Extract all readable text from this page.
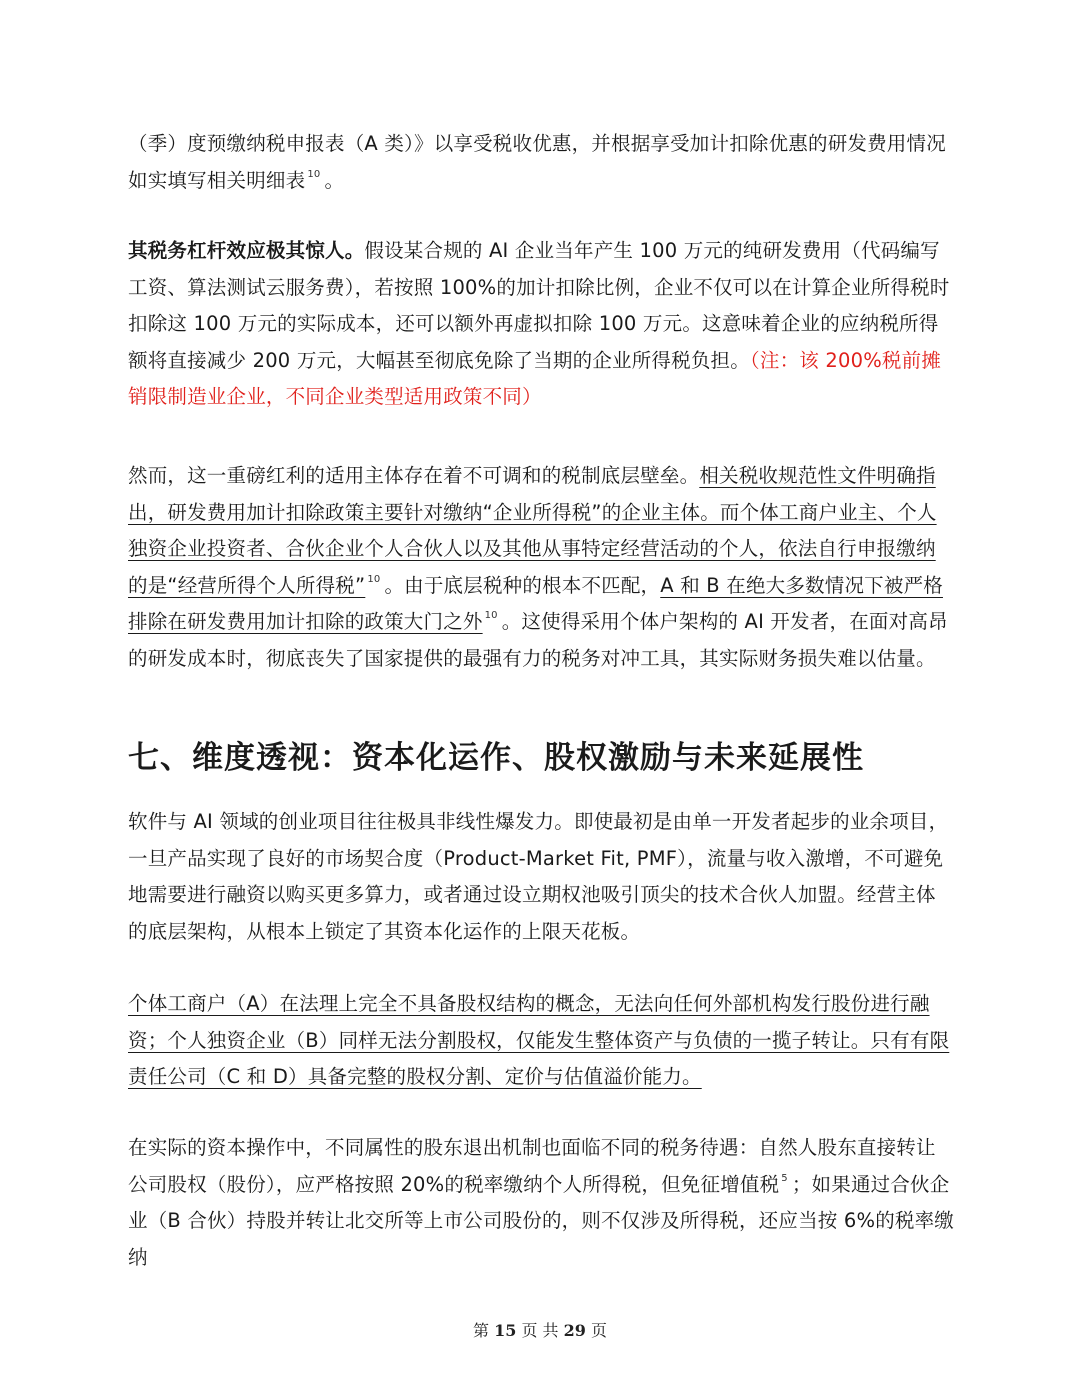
（季）度预缴纳税申报表（A 类）》以享受税收优惠，并根据享受加计扣除优惠的研发费用情况
如实填写相关明细表 $^{10}$ 。

其税务杠杆效应极其惊人。假设某合规的 AI 企业当年产生 100 万元的纯研发费用（代码编写工资、算法测试云服务费），若按照 100%的加计扣除比例，企业不仅可以在计算企业所得税时扣除这 100 万元的实际成本，还可以额外再虚拟扣除 100 万元。这意味着企业的应纳税所得额将直接减少 200 万元，大幅甚至彻底免除了当期的企业所得税负担。（注：该 200%税前摊销限制造业企业，不同企业类型适用政策不同）

然而，这一重磅红利的适用主体存在着不可调和的税制底层壁垒。相关税收规范性文件明确指出，研发费用加计扣除政策主要针对缴纳“企业所得税”的企业主体。而个体工商户业主、个人独资企业投资者、合伙企业个人合伙人以及其他从事特定经营活动的个人，依法自行申报缴纳的是“经营所得个人所得税” $^{10}$ 。由于底层税种的根本不匹配，A 和 B 在绝大多数情况下被严格排除在研发费用加计扣除的政策大门之外 $^{10}$ 。这使得采用个体户架构的 AI 开发者，在面对高昂的研发成本时，彻底丧失了国家提供的最强有力的税务对冲工具，其实际财务损失难以估量。

七、维度透视：资本化运作、股权激励与未来延展性

软件与 AI 领域的创业项目往往极具非线性爆发力。即使最初是由单一开发者起步的业余项目，一旦产品实现了良好的市场契合度（Product-Market Fit, PMF），流量与收入激增，不可避免地需要进行融资以购买更多算力，或者通过设立期权池吸引顶尖的技术合伙人加盟。经营主体的底层架构，从根本上锁定了其资本化运作的上限天花板。

个体工商户（A）在法理上完全不具备股权结构的概念，无法向任何外部机构发行股份进行融资；个人独资企业（B）同样无法分割股权，仅能发生整体资产与负债的一揽子转让。只有有限责任公司（C 和 D）具备完整的股权分割、定价与估值溢价能力。

在实际的资本操作中，不同属性的股东退出机制也面临不同的税务待遇：自然人股东直接转让公司股权（股份），应严格按照 20%的税率缴纳个人所得税，但免征增值税 $^5$ ；如果通过合伙企业（B 合伙）持股并转让北交所等上市公司股份的，则不仅涉及所得税，还应当按 6%的税率缴纳

第 15 页 共 29 页
